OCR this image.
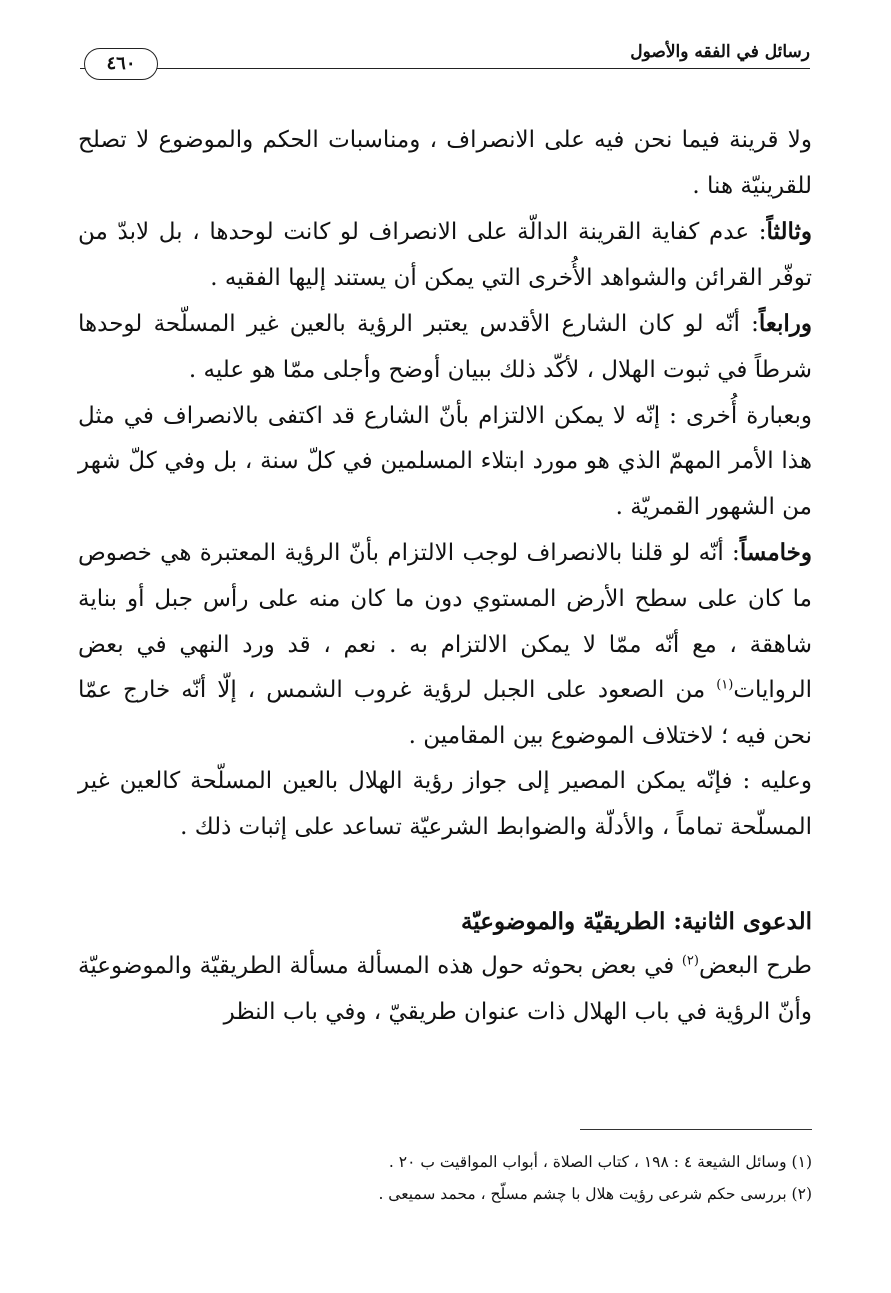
رسائل في الفقه والأصول
٤٦٠

ولا قرينة فيما نحن فيه على الانصراف ، ومناسبات الحكم والموضوع لا تصلح للقرينيّة هنا .

وثالثاً: عدم كفاية القرينة الدالّة على الانصراف لو كانت لوحدها ، بل لابدّ من توفّر القرائن والشواهد الأُخرى التي يمكن أن يستند إليها الفقيه .

ورابعاً: أنّه لو كان الشارع الأقدس يعتبر الرؤية بالعين غير المسلّحة لوحدها شرطاً في ثبوت الهلال ، لأكّد ذلك ببيان أوضح وأجلى ممّا هو عليه .

وبعبارة أُخرى : إنّه لا يمكن الالتزام بأنّ الشارع قد اكتفى بالانصراف في مثل هذا الأمر المهمّ الذي هو مورد ابتلاء المسلمين في كلّ سنة ، بل وفي كلّ شهر من الشهور القمريّة .

وخامساً: أنّه لو قلنا بالانصراف لوجب الالتزام بأنّ الرؤية المعتبرة هي خصوص ما كان على سطح الأرض المستوي دون ما كان منه على رأس جبل أو بناية شاهقة ، مع أنّه ممّا لا يمكن الالتزام به . نعم ، قد ورد النهي في بعض الروايات$^{(١)}$ من الصعود على الجبل لرؤية غروب الشمس ، إلّا أنّه خارج عمّا نحن فيه ؛ لاختلاف الموضوع بين المقامين .

وعليه : فإنّه يمكن المصير إلى جواز رؤية الهلال بالعين المسلّحة كالعين غير المسلّحة تماماً ، والأدلّة والضوابط الشرعيّة تساعد على إثبات ذلك .

الدعوى الثانية: الطريقيّة والموضوعيّة

طرح البعض$^{(٢)}$ في بعض بحوثه حول هذه المسألة مسألة الطريقيّة والموضوعيّة وأنّ الرؤية في باب الهلال ذات عنوان طريقيّ ، وفي باب النظر

(١) وسائل الشيعة ٤ : ١٩٨ ، كتاب الصلاة ، أبواب المواقيت ب ٢٠ .

(٢) بررسى حكم شرعى رؤيت هلال با چشم مسلّح ، محمد سميعى .
